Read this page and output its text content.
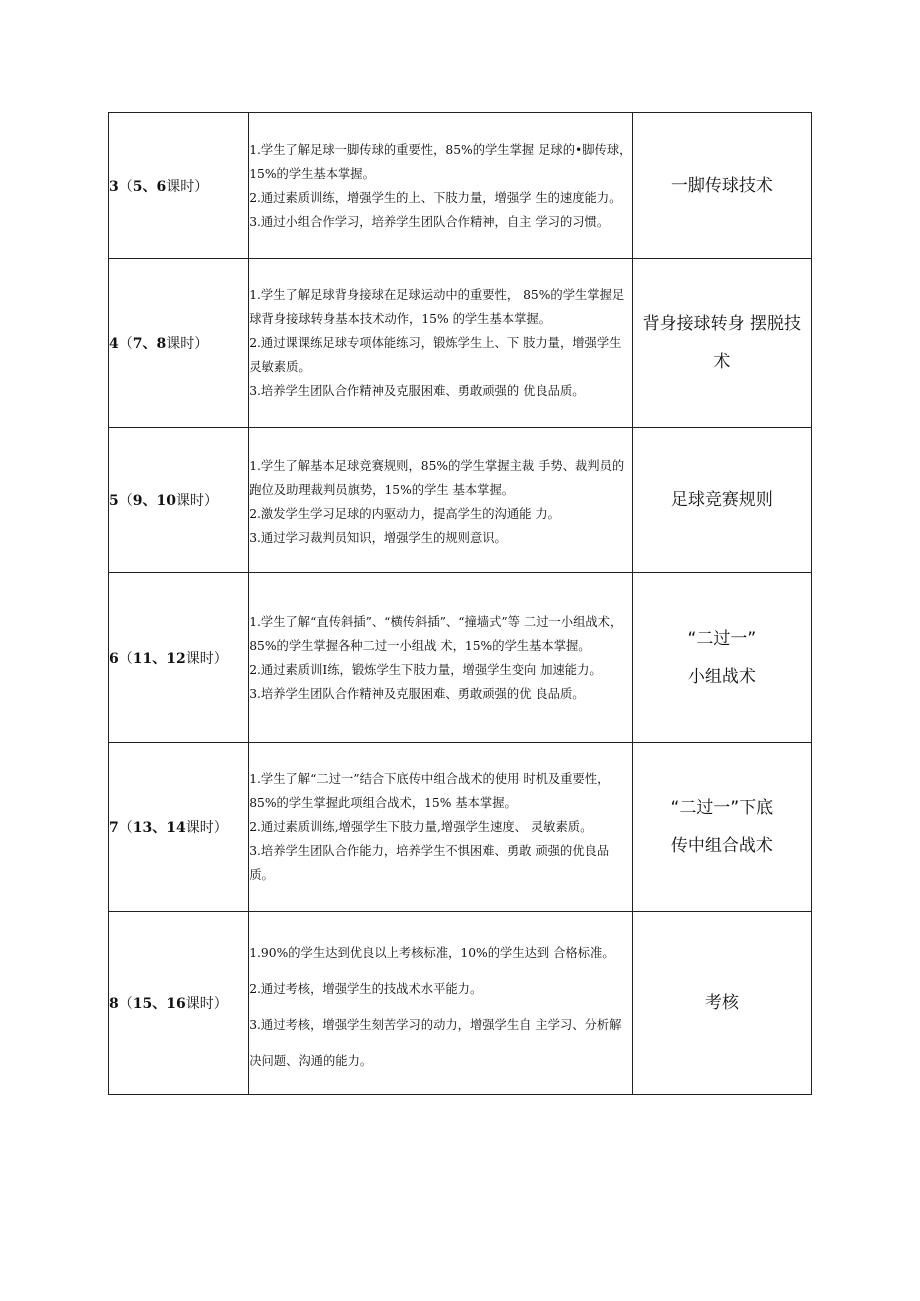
3（5、6课时）	1.学生了解足球一脚传球的重要性，85%的学生掌握 足球的•脚传球，15%的学生基本掌握。
2.通过素质训练，增强学生的上、下肢力量，增强学 生的速度能力。
3.通过小组合作学习，培养学生团队合作精神，自主 学习的习惯。	一脚传球技术

4（7、8课时）	1.学生了解足球背身接球在足球运动中的重要性， 85%的学生掌握足球背身接球转身基本技术动作，15% 的学生基本掌握。
2.通过课课练足球专项体能练习，锻炼学生上、下 肢力量，增强学生灵敏素质。
3.培养学生团队合作精神及克服困难、勇敢顽强的 优良品质。	背身接球转身 摆脱技
术

5（9、10课时）	1.学生了解基本足球竞赛规则，85%的学生掌握主裁 手势、裁判员的跑位及助理裁判员旗势，15%的学生 基本掌握。
2.激发学生学习足球的内驱动力，提高学生的沟通能 力。
3.通过学习裁判员知识，增强学生的规则意识。	足球竞赛规则

6（11、12课时）	1.学生了解“直传斜插”、“横传斜插”、“撞墙式”等 二过一小组战术，85%的学生掌握各种二过一小组战 术，15%的学生基本掌握。
2.通过素质训I练，锻炼学生下肢力量，增强学生变向 加速能力。
3.培养学生团队合作精神及克服困难、勇敢顽强的优 良品质。	“二过一”
小组战术

7（13、14课时）	1.学生了解“二过一”结合下底传中组合战术的使用 时机及重要性，85%的学生掌握此项组合战术，15% 基本掌握。
2.通过素质训练,增强学生下肢力量,增强学生速度、 灵敏素质。
3.培养学生团队合作能力，培养学生不惧困难、勇敢 顽强的优良品质。	“二过一”下底
传中组合战术

8（15、16课时）	1.90%的学生达到优良以上考核标准，10%的学生达到 合格标准。
2.通过考核，增强学生的技战术水平能力。
3.通过考核，增强学生刻苦学习的动力，增强学生自 主学习、分析解决问题、沟通的能力。	考核
